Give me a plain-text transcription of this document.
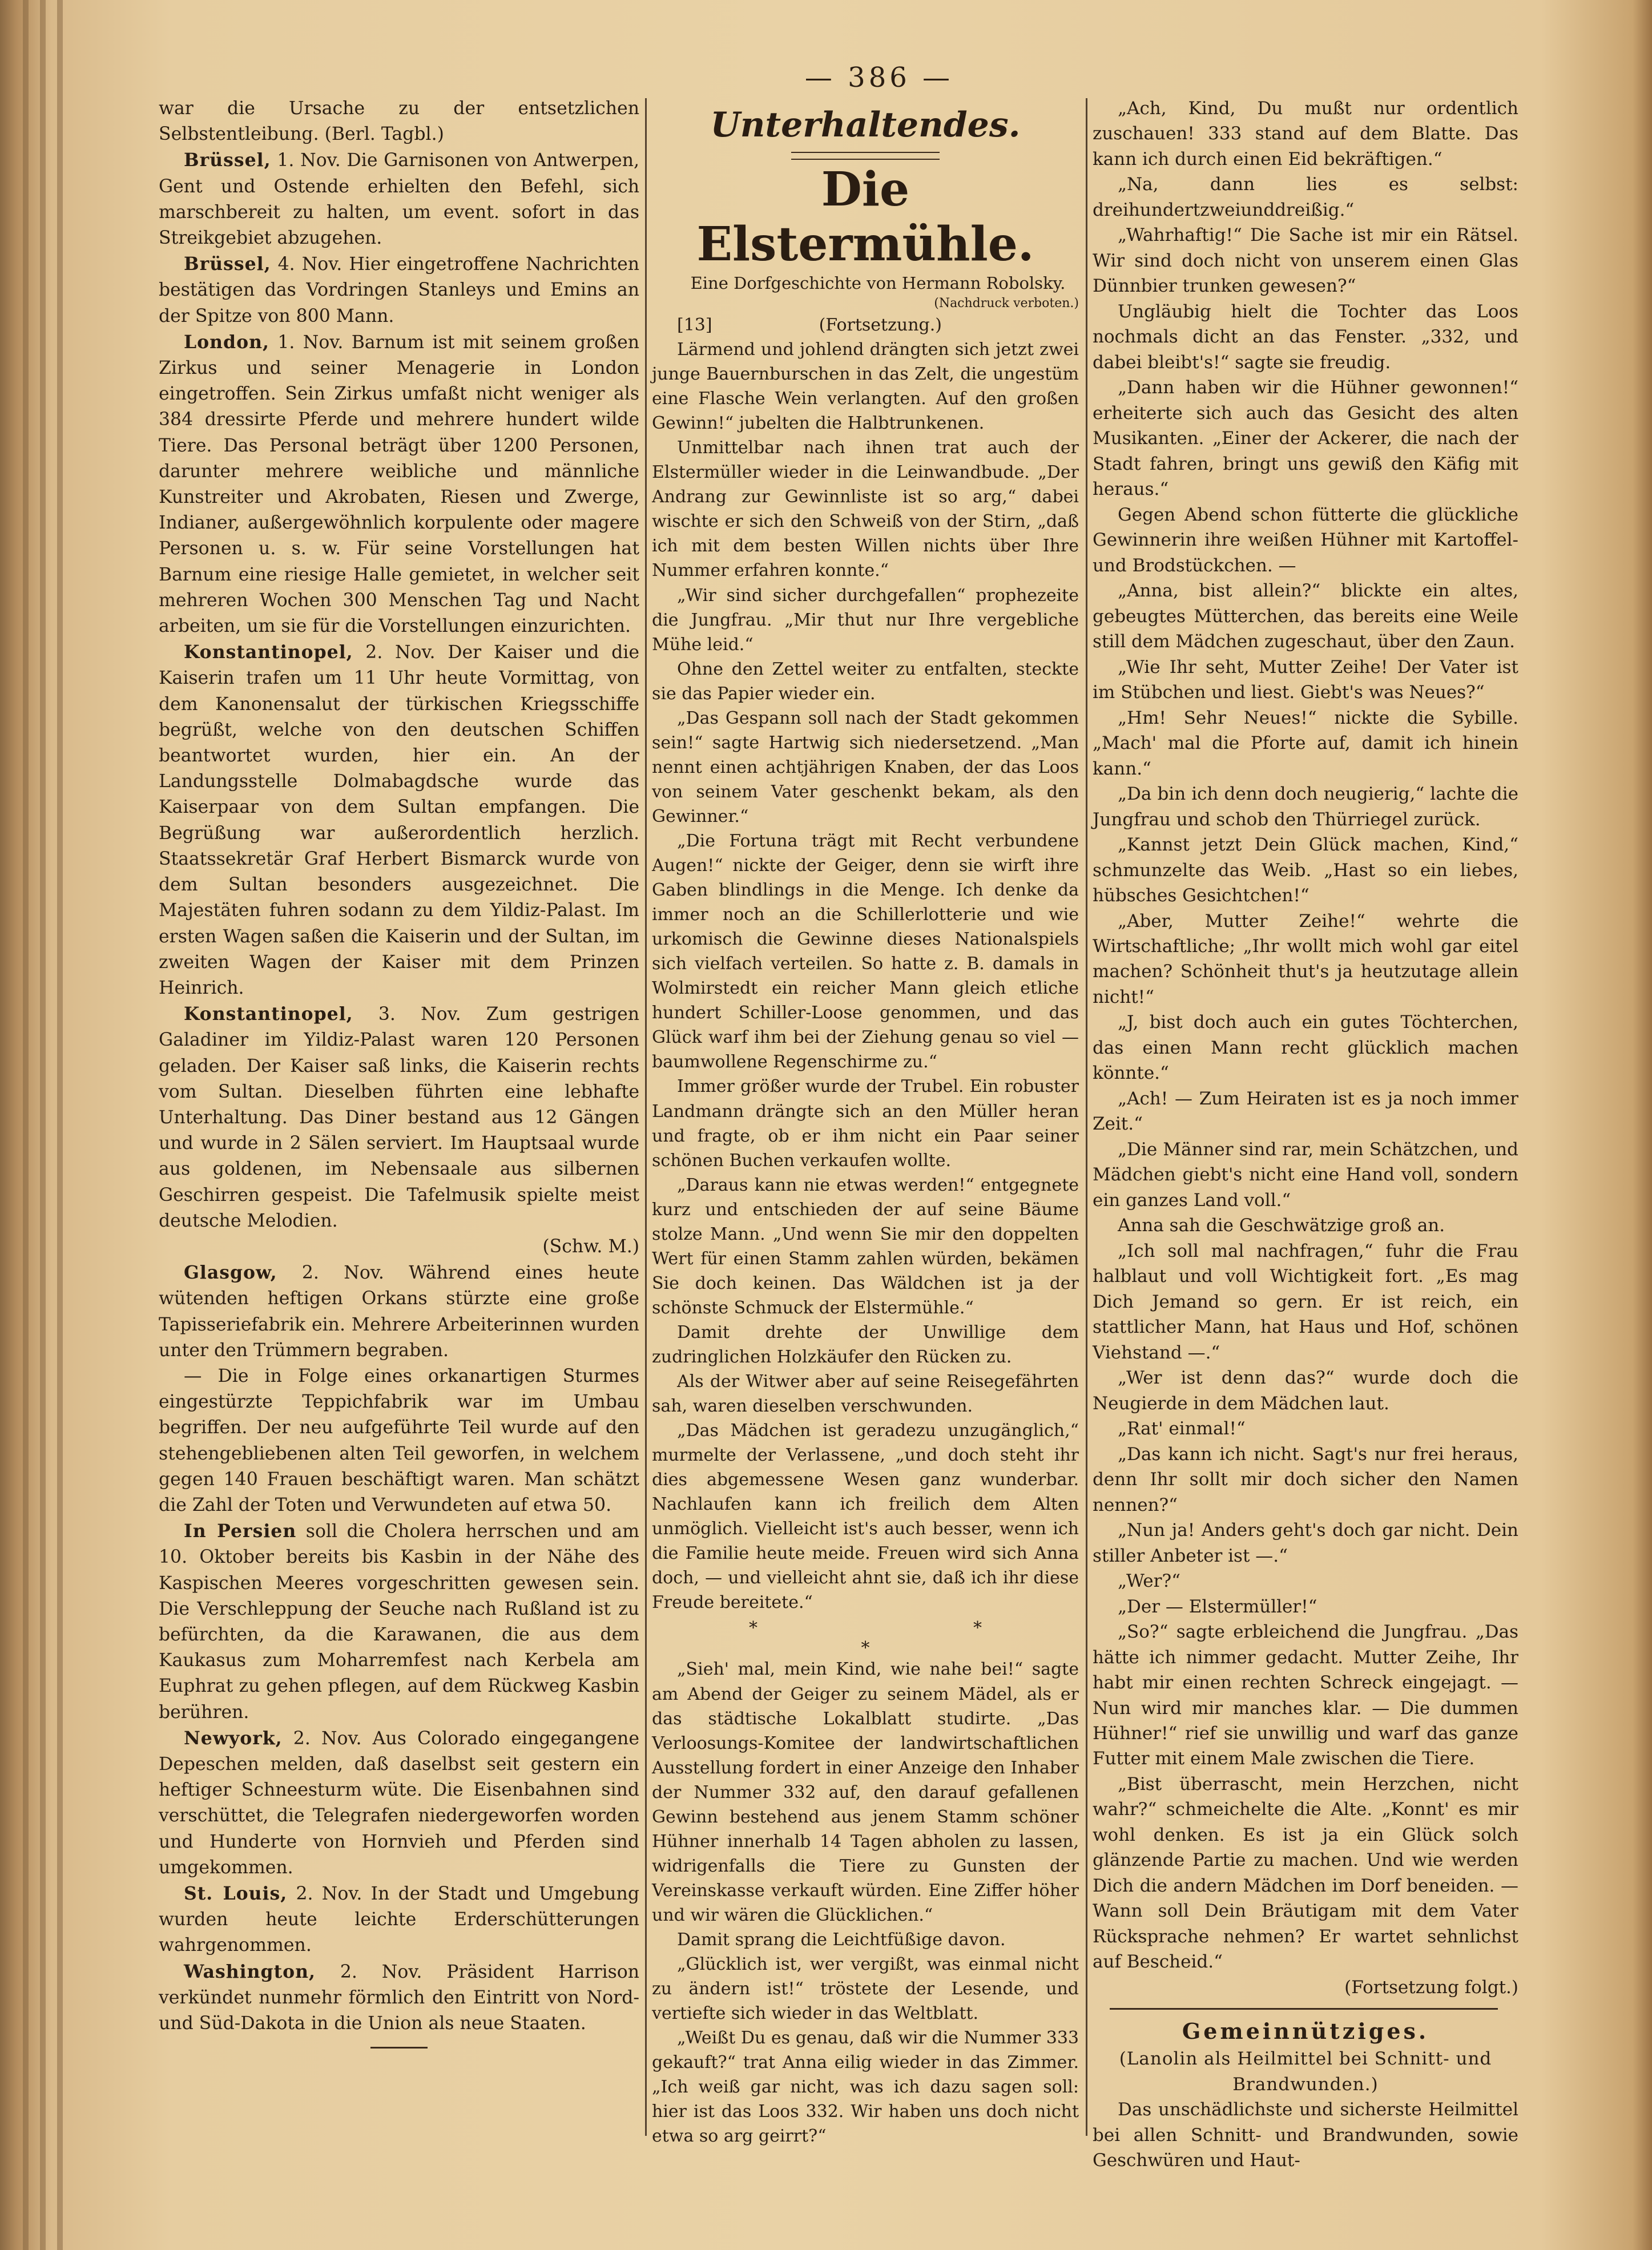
— 386 —

war die Ursache zu der entsetzlichen Selbstentleibung. (Berl. Tagbl.)

Brüssel, 1. Nov. Die Garnisonen von Antwerpen, Gent und Ostende erhielten den Befehl, sich marschbereit zu halten, um event. sofort in das Streikgebiet abzugehen.

Brüssel, 4. Nov. Hier eingetroffene Nachrichten bestätigen das Vordringen Stanleys und Emins an der Spitze von 800 Mann.

London, 1. Nov. Barnum ist mit seinem großen Zirkus und seiner Menagerie in London eingetroffen. Sein Zirkus umfaßt nicht weniger als 384 dressirte Pferde und mehrere hundert wilde Tiere. Das Personal beträgt über 1200 Personen, darunter mehrere weibliche und männliche Kunstreiter und Akrobaten, Riesen und Zwerge, Indianer, außergewöhnlich korpulente oder magere Personen u. s. w. Für seine Vorstellungen hat Barnum eine riesige Halle gemietet, in welcher seit mehreren Wochen 300 Menschen Tag und Nacht arbeiten, um sie für die Vorstellungen einzurichten.

Konstantinopel, 2. Nov. Der Kaiser und die Kaiserin trafen um 11 Uhr heute Vormittag, von dem Kanonensalut der türkischen Kriegsschiffe begrüßt, welche von den deutschen Schiffen beantwortet wurden, hier ein. An der Landungsstelle Dolmabagdsche wurde das Kaiserpaar von dem Sultan empfangen. Die Begrüßung war außerordentlich herzlich. Staatssekretär Graf Herbert Bismarck wurde von dem Sultan besonders ausgezeichnet. Die Majestäten fuhren sodann zu dem Yildiz-Palast. Im ersten Wagen saßen die Kaiserin und der Sultan, im zweiten Wagen der Kaiser mit dem Prinzen Heinrich.

Konstantinopel, 3. Nov. Zum gestrigen Galadiner im Yildiz-Palast waren 120 Personen geladen. Der Kaiser saß links, die Kaiserin rechts vom Sultan. Dieselben führten eine lebhafte Unterhaltung. Das Diner bestand aus 12 Gängen und wurde in 2 Sälen serviert. Im Hauptsaal wurde aus goldenen, im Nebensaale aus silbernen Geschirren gespeist. Die Tafelmusik spielte meist deutsche Melodien.

(Schw. M.)

Glasgow, 2. Nov. Während eines heute wütenden heftigen Orkans stürzte eine große Tapisseriefabrik ein. Mehrere Arbeiterinnen wurden unter den Trümmern begraben.

— Die in Folge eines orkanartigen Sturmes eingestürzte Teppichfabrik war im Umbau begriffen. Der neu aufgeführte Teil wurde auf den stehengebliebenen alten Teil geworfen, in welchem gegen 140 Frauen beschäftigt waren. Man schätzt die Zahl der Toten und Verwundeten auf etwa 50.

In Persien soll die Cholera herrschen und am 10. Oktober bereits bis Kasbin in der Nähe des Kaspischen Meeres vorgeschritten gewesen sein. Die Verschleppung der Seuche nach Rußland ist zu befürchten, da die Karawanen, die aus dem Kaukasus zum Moharremfest nach Kerbela am Euphrat zu gehen pflegen, auf dem Rückweg Kasbin berühren.

Newyork, 2. Nov. Aus Colorado eingegangene Depeschen melden, daß daselbst seit gestern ein heftiger Schneesturm wüte. Die Eisenbahnen sind verschüttet, die Telegrafen niedergeworfen worden und Hunderte von Hornvieh und Pferden sind umgekommen.

St. Louis, 2. Nov. In der Stadt und Umgebung wurden heute leichte Erderschütterungen wahrgenommen.

Washington, 2. Nov. Präsident Harrison verkündet nunmehr förmlich den Eintritt von Nord- und Süd-Dakota in die Union als neue Staaten.

Unterhaltendes.
Die Elstermühle.

Eine Dorfgeschichte von Hermann Robolsky.

(Nachdruck verboten.)

[13]	(Fortsetzung.)

Lärmend und johlend drängten sich jetzt zwei junge Bauernburschen in das Zelt, die ungestüm eine Flasche Wein verlangten. Auf den großen Gewinn!“ jubelten die Halbtrunkenen.

Unmittelbar nach ihnen trat auch der Elstermüller wieder in die Leinwandbude. „Der Andrang zur Gewinnliste ist so arg,“ dabei wischte er sich den Schweiß von der Stirn, „daß ich mit dem besten Willen nichts über Ihre Nummer erfahren konnte.“

„Wir sind sicher durchgefallen“ prophezeite die Jungfrau. „Mir thut nur Ihre vergebliche Mühe leid.“

Ohne den Zettel weiter zu entfalten, steckte sie das Papier wieder ein.

„Das Gespann soll nach der Stadt gekommen sein!“ sagte Hartwig sich niedersetzend. „Man nennt einen achtjährigen Knaben, der das Loos von seinem Vater geschenkt bekam, als den Gewinner.“

„Die Fortuna trägt mit Recht verbundene Augen!“ nickte der Geiger, denn sie wirft ihre Gaben blindlings in die Menge. Ich denke da immer noch an die Schillerlotterie und wie urkomisch die Gewinne dieses Nationalspiels sich vielfach verteilen. So hatte z. B. damals in Wolmirstedt ein reicher Mann gleich etliche hundert Schiller-Loose genommen, und das Glück warf ihm bei der Ziehung genau so viel — baumwollene Regenschirme zu.“

Immer größer wurde der Trubel. Ein robuster Landmann drängte sich an den Müller heran und fragte, ob er ihm nicht ein Paar seiner schönen Buchen verkaufen wollte.

„Daraus kann nie etwas werden!“ entgegnete kurz und entschieden der auf seine Bäume stolze Mann. „Und wenn Sie mir den doppelten Wert für einen Stamm zahlen würden, bekämen Sie doch keinen. Das Wäldchen ist ja der schönste Schmuck der Elstermühle.“

Damit drehte der Unwillige dem zudringlichen Holzkäufer den Rücken zu.

Als der Witwer aber auf seine Reisegefährten sah, waren dieselben verschwunden.

„Das Mädchen ist geradezu unzugänglich,“ murmelte der Verlassene, „und doch steht ihr dies abgemessene Wesen ganz wunderbar. Nachlaufen kann ich freilich dem Alten unmöglich. Vielleicht ist's auch besser, wenn ich die Familie heute meide. Freuen wird sich Anna doch, — und vielleicht ahnt sie, daß ich ihr diese Freude bereitete.“

*	*
*

„Sieh' mal, mein Kind, wie nahe bei!“ sagte am Abend der Geiger zu seinem Mädel, als er das städtische Lokalblatt studirte. „Das Verloosungs-Komitee der landwirtschaftlichen Ausstellung fordert in einer Anzeige den Inhaber der Nummer 332 auf, den darauf gefallenen Gewinn bestehend aus jenem Stamm schöner Hühner innerhalb 14 Tagen abholen zu lassen, widrigenfalls die Tiere zu Gunsten der Vereinskasse verkauft würden. Eine Ziffer höher und wir wären die Glücklichen.“

Damit sprang die Leichtfüßige davon.

„Glücklich ist, wer vergißt, was einmal nicht zu ändern ist!“ tröstete der Lesende, und vertiefte sich wieder in das Weltblatt.

„Weißt Du es genau, daß wir die Nummer 333 gekauft?“ trat Anna eilig wieder in das Zimmer. „Ich weiß gar nicht, was ich dazu sagen soll: hier ist das Loos 332. Wir haben uns doch nicht etwa so arg geirrt?“

„Ach, Kind, Du mußt nur ordentlich zuschauen! 333 stand auf dem Blatte. Das kann ich durch einen Eid bekräftigen.“

„Na, dann lies es selbst: dreihundertzweiunddreißig.“

„Wahrhaftig!“ Die Sache ist mir ein Rätsel. Wir sind doch nicht von unserem einen Glas Dünnbier trunken gewesen?“

Ungläubig hielt die Tochter das Loos nochmals dicht an das Fenster. „332, und dabei bleibt's!“ sagte sie freudig.

„Dann haben wir die Hühner gewonnen!“ erheiterte sich auch das Gesicht des alten Musikanten. „Einer der Ackerer, die nach der Stadt fahren, bringt uns gewiß den Käfig mit heraus.“

Gegen Abend schon fütterte die glückliche Gewinnerin ihre weißen Hühner mit Kartoffel- und Brodstückchen. —

„Anna, bist allein?“ blickte ein altes, gebeugtes Mütterchen, das bereits eine Weile still dem Mädchen zugeschaut, über den Zaun.

„Wie Ihr seht, Mutter Zeihe! Der Vater ist im Stübchen und liest. Giebt's was Neues?“

„Hm! Sehr Neues!“ nickte die Sybille. „Mach' mal die Pforte auf, damit ich hinein kann.“

„Da bin ich denn doch neugierig,“ lachte die Jungfrau und schob den Thürriegel zurück.

„Kannst jetzt Dein Glück machen, Kind,“ schmunzelte das Weib. „Hast so ein liebes, hübsches Gesichtchen!“

„Aber, Mutter Zeihe!“ wehrte die Wirtschaftliche; „Ihr wollt mich wohl gar eitel machen? Schönheit thut's ja heutzutage allein nicht!“

„J, bist doch auch ein gutes Töchterchen, das einen Mann recht glücklich machen könnte.“

„Ach! — Zum Heiraten ist es ja noch immer Zeit.“

„Die Männer sind rar, mein Schätzchen, und Mädchen giebt's nicht eine Hand voll, sondern ein ganzes Land voll.“

Anna sah die Geschwätzige groß an.

„Ich soll mal nachfragen,“ fuhr die Frau halblaut und voll Wichtigkeit fort. „Es mag Dich Jemand so gern. Er ist reich, ein stattlicher Mann, hat Haus und Hof, schönen Viehstand —.“

„Wer ist denn das?“ wurde doch die Neugierde in dem Mädchen laut.

„Rat' einmal!“

„Das kann ich nicht. Sagt's nur frei heraus, denn Ihr sollt mir doch sicher den Namen nennen?“

„Nun ja! Anders geht's doch gar nicht. Dein stiller Anbeter ist —.“

„Wer?“

„Der — Elstermüller!“

„So?“ sagte erbleichend die Jungfrau. „Das hätte ich nimmer gedacht. Mutter Zeihe, Ihr habt mir einen rechten Schreck eingejagt. — Nun wird mir manches klar. — Die dummen Hühner!“ rief sie unwillig und warf das ganze Futter mit einem Male zwischen die Tiere.

„Bist überrascht, mein Herzchen, nicht wahr?“ schmeichelte die Alte. „Konnt' es mir wohl denken. Es ist ja ein Glück solch glänzende Partie zu machen. Und wie werden Dich die andern Mädchen im Dorf beneiden. — Wann soll Dein Bräutigam mit dem Vater Rücksprache nehmen? Er wartet sehnlichst auf Bescheid.“

(Fortsetzung folgt.)

Gemeinnütziges.

(Lanolin als Heilmittel bei Schnitt- und Brandwunden.)

Das unschädlichste und sicherste Heilmittel bei allen Schnitt- und Brandwunden, sowie Geschwüren und Haut-
